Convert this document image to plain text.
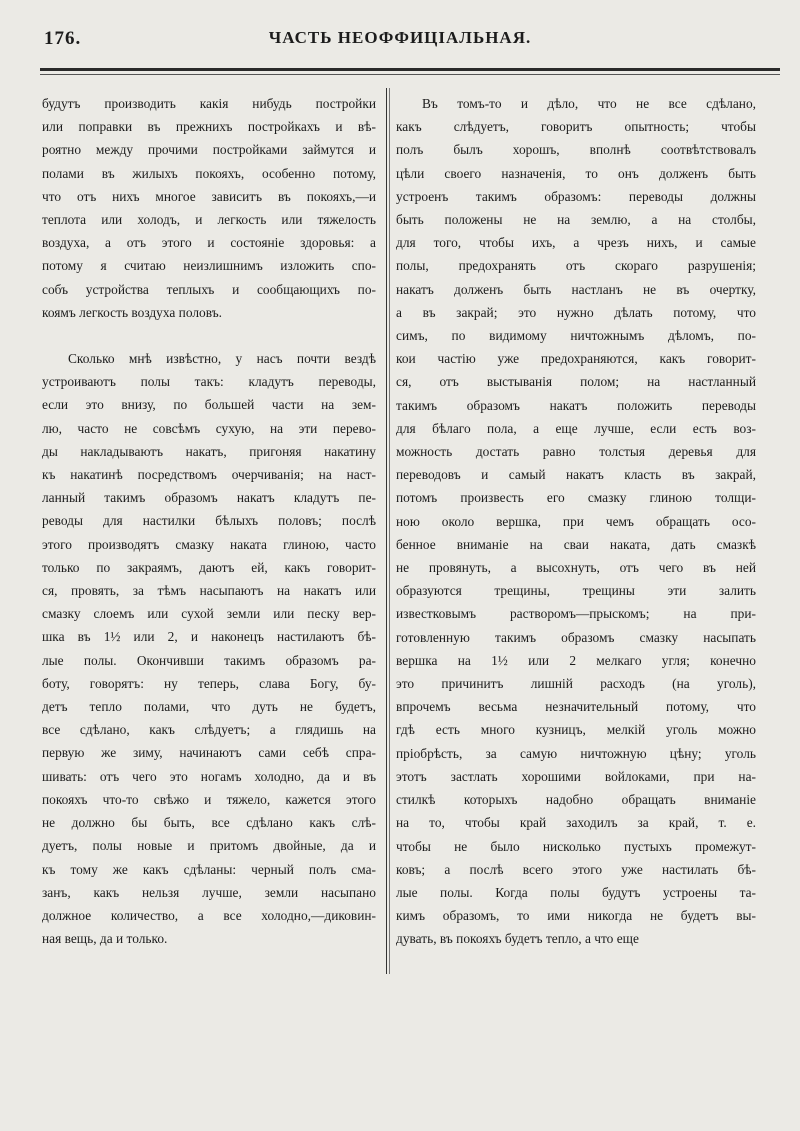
176.	ЧАСТЬ НЕОФФИЦІАЛЬНАЯ.

будутъ производить какія нибудь постройки

или поправки въ прежнихъ постройкахъ и вѣ-

роятно между прочими постройками займутся и

полами въ жилыхъ покояхъ, особенно потому,

что отъ нихъ многое зависитъ въ покояхъ,—и

теплота или холодъ, и легкость или тяжелость

воздуха, а отъ этого и состояніе здоровья: а

потому я считаю неизлишнимъ изложить спо-

собъ устройства теплыхъ и сообщающихъ по-

коямъ легкость воздуха половъ.

Сколько мнѣ извѣстно, у насъ почти вездѣ

устроиваютъ полы такъ: кладутъ переводы,

если это внизу, по большей части на зем-

лю, часто не совсѣмъ сухую, на эти перево-

ды накладываютъ накатъ, пригоняя накатину

къ накатинѣ посредствомъ очерчиванія; на наст-

ланный такимъ образомъ накатъ кладутъ пе-

реводы для настилки бѣлыхъ половъ; послѣ

этого производятъ смазку наката глиною, часто

только по закраямъ, даютъ ей, какъ говорит-

ся, провять, за тѣмъ насыпаютъ на накатъ или

смазку слоемъ или сухой земли или песку вер-

шка въ 1½ или 2, и наконецъ настилаютъ бѣ-

лые полы. Окончивши такимъ образомъ ра-

боту, говорятъ: ну теперь, слава Богу, бу-

детъ тепло полами, что дуть не будетъ,

все сдѣлано, какъ слѣдуетъ; а глядишь на

первую же зиму, начинаютъ сами себѣ спра-

шивать: отъ чего это ногамъ холодно, да и въ

покояхъ что-то свѣжо и тяжело, кажется этого

не должно бы быть, все сдѣлано какъ слѣ-

дуетъ, полы новые и притомъ двойные, да и

къ тому же какъ сдѣланы: черный полъ сма-

занъ, какъ нельзя лучше, земли насыпано

должное количество, а все холодно,—диковин-

ная вещь, да и только.

Въ томъ-то и дѣло, что не все сдѣлано,

какъ слѣдуетъ, говоритъ опытность; чтобы

полъ былъ хорошъ, вполнѣ соотвѣтствовалъ

цѣли своего назначенія, то онъ долженъ быть

устроенъ такимъ образомъ: переводы должны

быть положены не на землю, а на столбы,

для того, чтобы ихъ, а чрезъ нихъ, и самые

полы, предохранять отъ скораго разрушенія;

накатъ долженъ быть настланъ не въ очертку,

а въ закрай; это нужно дѣлать потому, что

симъ, по видимому ничтожнымъ дѣломъ, по-

кои частію уже предохраняются, какъ говорит-

ся, отъ выстыванія полом; на настланный

такимъ образомъ накатъ положить переводы

для бѣлаго пола, а еще лучше, если есть воз-

можность достать равно толстыя деревья для

переводовъ и самый накатъ класть въ закрай,

потомъ произвесть его смазку глиною толщи-

ною около вершка, при чемъ обращать осо-

бенное вниманіе на сваи наката, дать смазкѣ

не провянуть, а высохнуть, отъ чего въ ней

образуются трещины, трещины эти залить

известковымъ растворомъ—прыскомъ; на при-

готовленную такимъ образомъ смазку насыпать

вершка на 1½ или 2 мелкаго угля; конечно

это причинитъ лишній расходъ (на уголь),

впрочемъ весьма незначительный потому, что

гдѣ есть много кузницъ, мелкій уголь можно

пріобрѣсть, за самую ничтожную цѣну; уголь

этотъ застлать хорошими войлоками, при на-

стилкѣ которыхъ надобно обращать вниманіе

на то, чтобы край заходилъ за край, т. е.

чтобы не было нисколько пустыхъ промежут-

ковъ; а послѣ всего этого уже настилать бѣ-

лые полы. Когда полы будутъ устроены та-

кимъ образомъ, то ими никогда не будетъ вы-

дувать, въ покояхъ будетъ тепло, а что еще
